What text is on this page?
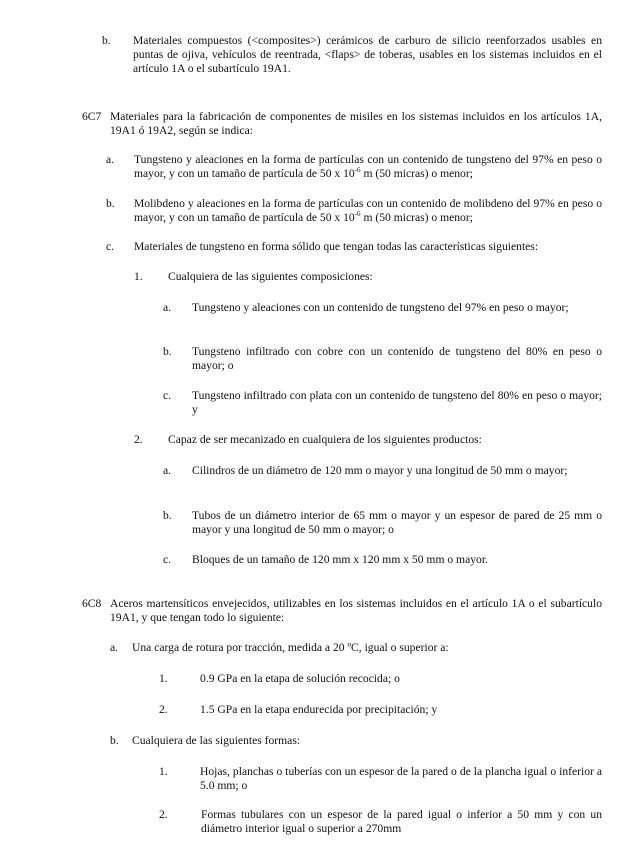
b.	Materiales compuestos (<composites>) cerámicos de carburo de silicio reenforzados usables en puntas de ojiva, vehículos de reentrada, <flaps> de toberas, usables en los sistemas incluidos en el artículo 1A o el subartículo 19A1.
6C7 Materiales para la fabricación de componentes de misiles en los sistemas incluidos en los artículos 1A, 19A1 ó 19A2, según se indica:
a.	Tungsteno y aleaciones en la forma de partículas con un contenido de tungsteno del 97% en peso o mayor, y con un tamaño de partícula de 50 x $10^{-6}$ m (50 micras) o menor;
b.	Molibdeno y aleaciones en la forma de partículas con un contenido de molibdeno del 97% en peso o mayor, y con un tamaño de partícula de 50 x $10^{-6}$ m (50 micras) o menor;
c.	Materiales de tungsteno en forma sólido que tengan todas las características siguientes:
1.	Cualquiera de las siguientes composiciones:
a.	Tungsteno y aleaciones con un contenido de tungsteno del 97% en peso o mayor;
b.	Tungsteno infiltrado con cobre con un contenido de tungsteno del 80% en peso o mayor; o
c.	Tungsteno infiltrado con plata con un contenido de tungsteno del 80% en peso o mayor; y
2.	Capaz de ser mecanizado en cualquiera de los siguientes productos:
a.	Cilindros de un diámetro de 120 mm o mayor y una longitud de 50 mm o mayor;
b.	Tubos de un diámetro interior de 65 mm o mayor y un espesor de pared de 25 mm o mayor y una longitud de 50 mm o mayor; o
c.	Bloques de un tamaño de 120 mm x 120 mm x 50 mm o mayor.
6C8 Aceros martensíticos envejecidos, utilizables en los sistemas incluidos en el artículo 1A o el subartículo 19A1, y que tengan todo lo siguiente:
a.	Una carga de rotura por tracción, medida a 20 ºC, igual o superior a:
1.	0.9 GPa en la etapa de solución recocida; o
2.	1.5 GPa en la etapa endurecida por precipitación; y
b.	Cualquiera de las siguientes formas:
1.	Hojas, planchas o tuberías con un espesor de la pared o de la plancha igual o inferior a 5.0 mm; o
2.	Formas tubulares con un espesor de la pared igual o inferior a 50 mm y con un diámetro interior igual o superior a 270mm
